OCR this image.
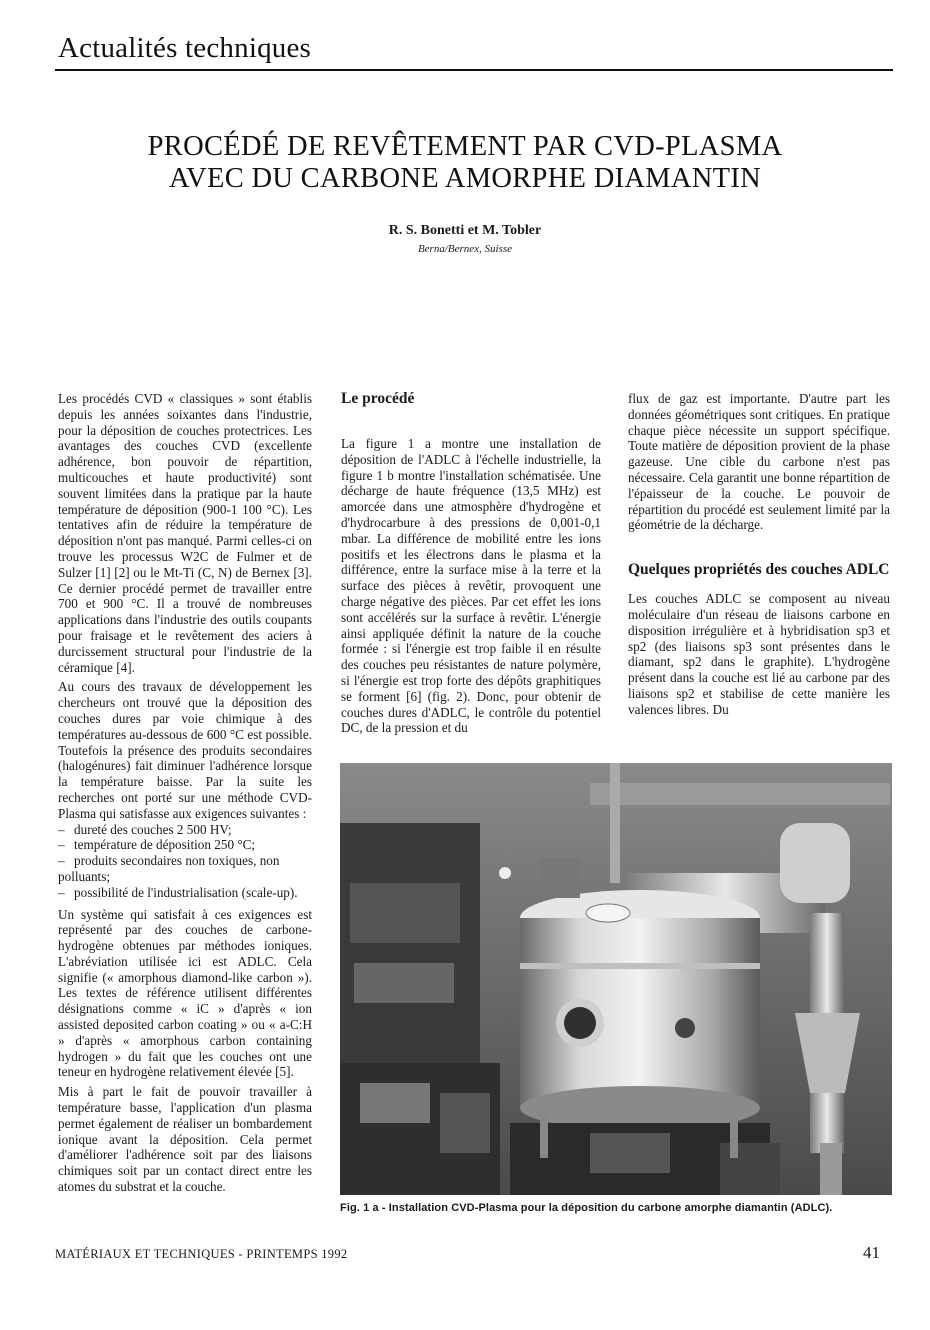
Actualités techniques
PROCÉDÉ DE REVÊTEMENT PAR CVD-PLASMA
AVEC DU CARBONE AMORPHE DIAMANTIN
R. S. Bonetti et M. Tobler
Berna/Bernex, Suisse

Les procédés CVD « classiques » sont établis depuis les années soixantes dans l'industrie, pour la déposition de couches protectrices. Les avantages des couches CVD (excellente adhérence, bon pouvoir de répartition, multicouches et haute productivité) sont souvent limitées dans la pratique par la haute température de déposition (900-1 100 °C). Les tentatives afin de réduire la température de déposition n'ont pas manqué. Parmi celles-ci on trouve les processus W2C de Fulmer et de Sulzer [1] [2] ou le Mt-Ti (C, N) de Bernex [3]. Ce dernier procédé permet de travailler entre 700 et 900 °C. Il a trouvé de nombreuses applications dans l'industrie des outils coupants pour fraisage et le revêtement des aciers à durcissement structural pour l'industrie de la céramique [4].

Au cours des travaux de développement les chercheurs ont trouvé que la déposition des couches dures par voie chimique à des températures au-dessous de 600 °C est possible. Toutefois la présence des produits secondaires (halogénures) fait diminuer l'adhérence lorsque la température baisse. Par la suite les recherches ont porté sur une méthode CVD-Plasma qui satisfasse aux exigences suivantes :

– dureté des couches 2 500 HV;
– température de déposition 250 °C;
– produits secondaires non toxiques, non polluants;
– possibilité de l'industrialisation (scale-up).

Un système qui satisfait à ces exigences est représenté par des couches de carbone-hydrogène obtenues par méthodes ioniques. L'abréviation utilisée ici est ADLC. Cela signifie (« amorphous diamond-like carbon »). Les textes de référence utilisent différentes désignations comme « iC » d'après « ion assisted deposited carbon coating » ou « a-C:H » d'après « amorphous carbon containing hydrogen » du fait que les couches ont une teneur en hydrogène relativement élevée [5].

Mis à part le fait de pouvoir travailler à température basse, l'application d'un plasma permet également de réaliser un bombardement ionique avant la déposition. Cela permet d'améliorer l'adhérence soit par des liaisons chimiques soit par un contact direct entre les atomes du substrat et la couche.

Le procédé

La figure 1 a montre une installation de déposition de l'ADLC à l'échelle industrielle, la figure 1 b montre l'installation schématisée. Une décharge de haute fréquence (13,5 MHz) est amorcée dans une atmosphère d'hydrogène et d'hydrocarbure à des pressions de 0,001-0,1 mbar. La différence de mobilité entre les ions positifs et les électrons dans le plasma et la différence, entre la surface mise à la terre et la surface des pièces à revêtir, provoquent une charge négative des pièces. Par cet effet les ions sont accélérés sur la surface à revêtir. L'énergie ainsi appliquée définit la nature de la couche formée : si l'énergie est trop faible il en résulte des couches peu résistantes de nature polymère, si l'énergie est trop forte des dépôts graphitiques se forment [6] (fig. 2). Donc, pour obtenir de couches dures d'ADLC, le contrôle du potentiel DC, de la pression et du

flux de gaz est importante. D'autre part les données géométriques sont critiques. En pratique chaque pièce nécessite un support spécifique. Toute matière de déposition provient de la phase gazeuse. Une cible du carbone n'est pas nécessaire. Cela garantit une bonne répartition de l'épaisseur de la couche. Le pouvoir de répartition du procédé est seulement limité par la géométrie de la décharge.

Quelques propriétés des couches ADLC

Les couches ADLC se composent au niveau moléculaire d'un réseau de liaisons carbone en disposition irrégulière et à hybridisation sp3 et sp2 (des liaisons sp3 sont présentes dans le diamant, sp2 dans le graphite). L'hydrogène présent dans la couche est lié au carbone par des liaisons sp2 et stabilise de cette manière les valences libres. Du

Fig. 1 a - Installation CVD-Plasma pour la déposition du carbone amorphe diamantin (ADLC).
MATÉRIAUX ET TECHNIQUES - PRINTEMPS 1992	41
